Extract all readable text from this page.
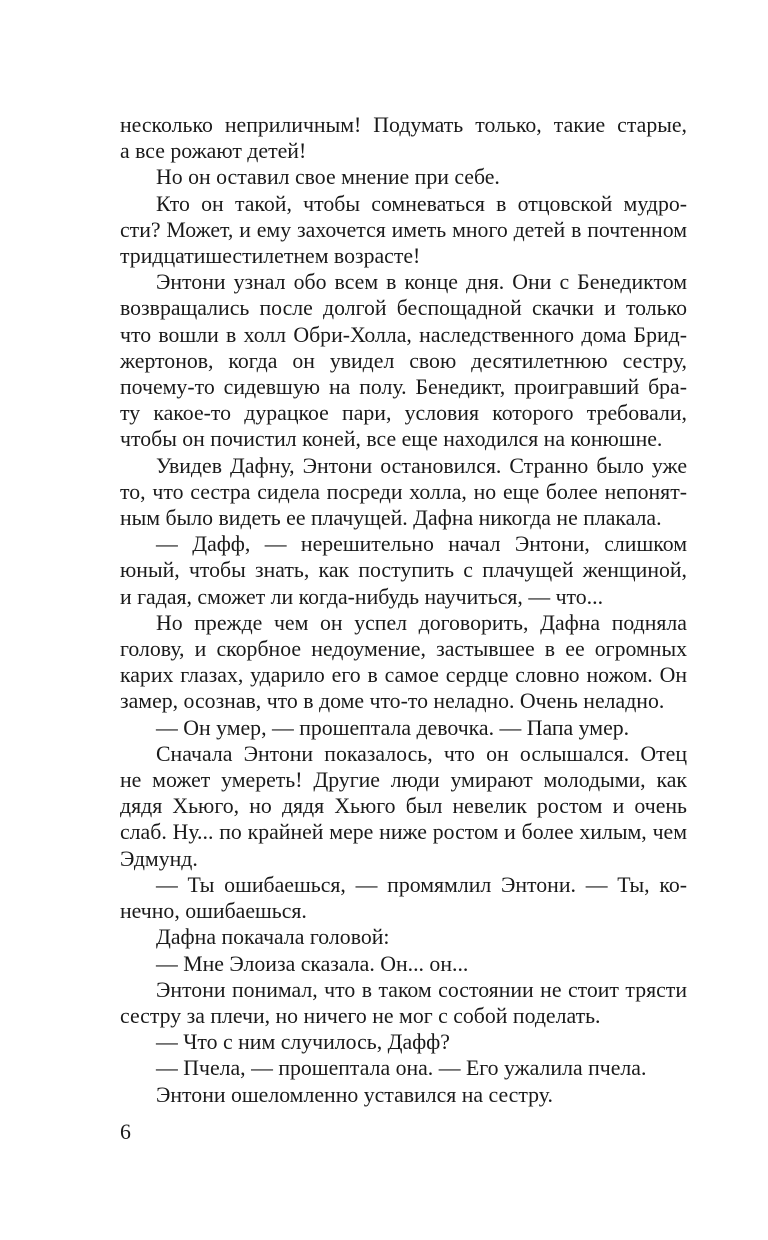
несколько неприличным! Подумать только, такие старые,
а все рожают детей!
Но он оставил свое мнение при себе.
Кто он такой, чтобы сомневаться в отцовской мудро-
сти? Может, и ему захочется иметь много детей в почтенном
тридцатишестилетнем возрасте!
Энтони узнал обо всем в конце дня. Они с Бенедиктом
возвращались после долгой беспощадной скачки и только
что вошли в холл Обри-Холла, наследственного дома Брид-
жертонов, когда он увидел свою десятилетнюю сестру,
почему-то сидевшую на полу. Бенедикт, проигравший бра-
ту какое-то дурацкое пари, условия которого требовали,
чтобы он почистил коней, все еще находился на конюшне.
Увидев Дафну, Энтони остановился. Странно было уже
то, что сестра сидела посреди холла, но еще более непонят-
ным было видеть ее плачущей. Дафна никогда не плакала.
— Дафф, — нерешительно начал Энтони, слишком
юный, чтобы знать, как поступить с плачущей женщиной,
и гадая, сможет ли когда-нибудь научиться, — что...
Но прежде чем он успел договорить, Дафна подняла
голову, и скорбное недоумение, застывшее в ее огромных
карих глазах, ударило его в самое сердце словно ножом. Он
замер, осознав, что в доме что-то неладно. Очень неладно.
— Он умер, — прошептала девочка. — Папа умер.
Сначала Энтони показалось, что он ослышался. Отец
не может умереть! Другие люди умирают молодыми, как
дядя Хьюго, но дядя Хьюго был невелик ростом и очень
слаб. Ну... по крайней мере ниже ростом и более хилым, чем
Эдмунд.
— Ты ошибаешься, — промямлил Энтони. — Ты, ко-
нечно, ошибаешься.
Дафна покачала головой:
— Мне Элоиза сказала. Он... он...
Энтони понимал, что в таком состоянии не стоит трясти
сестру за плечи, но ничего не мог с собой поделать.
— Что с ним случилось, Дафф?
— Пчела, — прошептала она. — Его ужалила пчела.
Энтони ошеломленно уставился на сестру.
6
